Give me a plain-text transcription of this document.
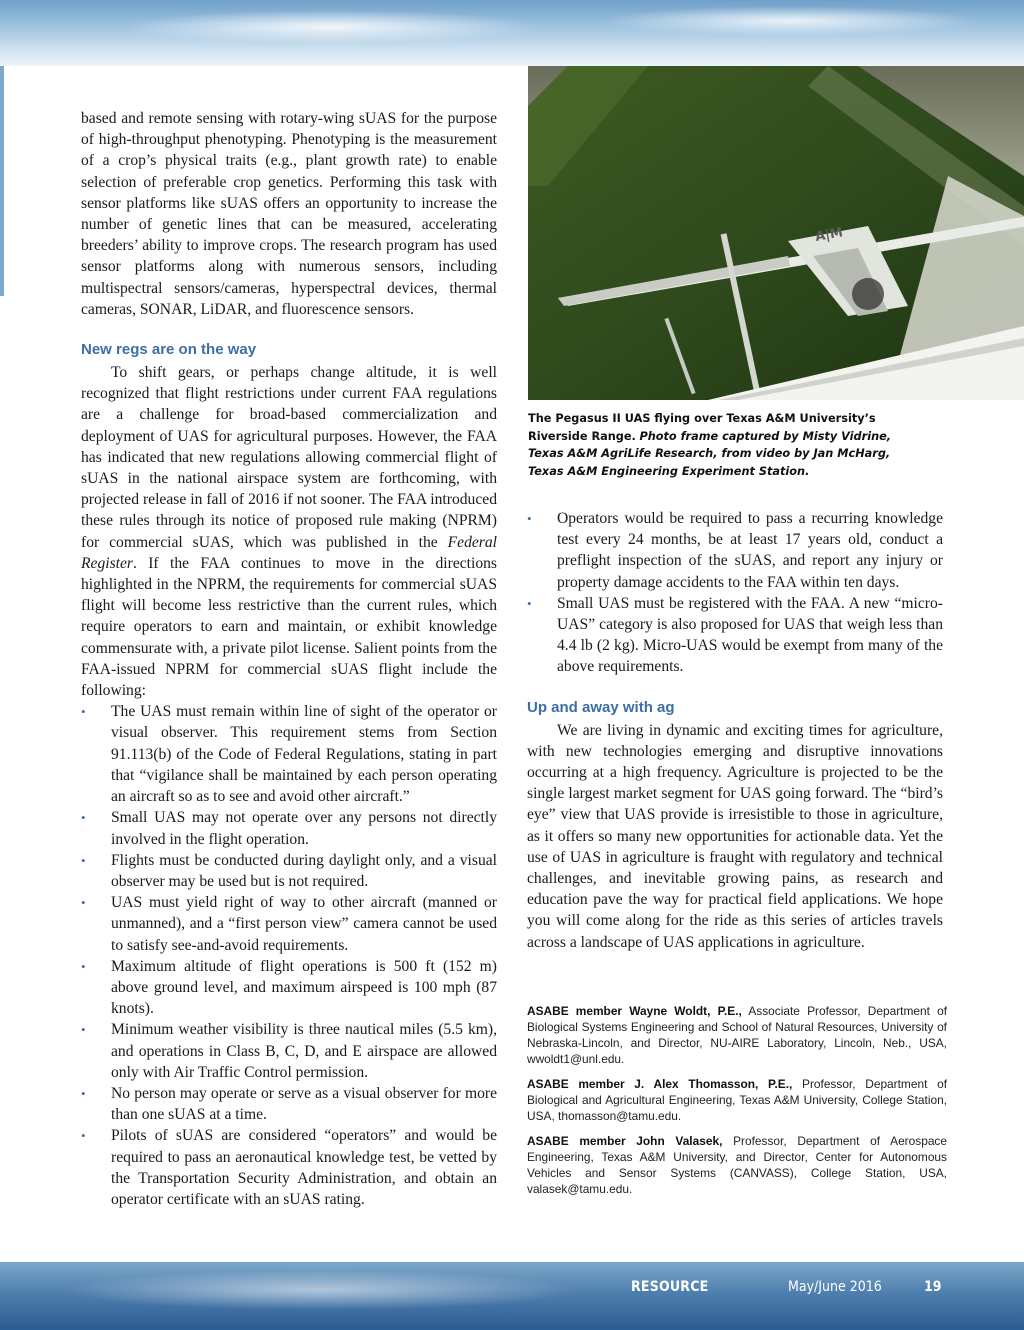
based and remote sensing with rotary-wing sUAS for the purpose of high-throughput phenotyping. Phenotyping is the measurement of a crop’s physical traits (e.g., plant growth rate) to enable selection of preferable crop genetics. Performing this task with sensor platforms like sUAS offers an opportunity to increase the number of genetic lines that can be measured, accelerating breeders’ ability to improve crops. The research program has used sensor platforms along with numerous sensors, including multispectral sensors/cameras, hyperspectral devices, thermal cameras, SONAR, LiDAR, and fluorescence sensors.

New regs are on the way

To shift gears, or perhaps change altitude, it is well recognized that flight restrictions under current FAA regulations are a challenge for broad-based commercialization and deployment of UAS for agricultural purposes. However, the FAA has indicated that new regulations allowing commercial flight of sUAS in the national airspace system are forthcoming, with projected release in fall of 2016 if not sooner. The FAA introduced these rules through its notice of proposed rule making (NPRM) for commercial sUAS, which was published in the Federal Register. If the FAA continues to move in the directions highlighted in the NPRM, the requirements for commercial sUAS flight will become less restrictive than the current rules, which require operators to earn and maintain, or exhibit knowledge commensurate with, a private pilot license. Salient points from the FAA-issued NPRM for commercial sUAS flight include the following:

• The UAS must remain within line of sight of the operator or visual observer. This requirement stems from Section 91.113(b) of the Code of Federal Regulations, stating in part that “vigilance shall be maintained by each person operating an aircraft so as to see and avoid other aircraft.”
• Small UAS may not operate over any persons not directly involved in the flight operation.
• Flights must be conducted during daylight only, and a visual observer may be used but is not required.
• UAS must yield right of way to other aircraft (manned or unmanned), and a “first person view” camera cannot be used to satisfy see-and-avoid requirements.
• Maximum altitude of flight operations is 500 ft (152 m) above ground level, and maximum airspeed is 100 mph (87 knots).
• Minimum weather visibility is three nautical miles (5.5 km), and operations in Class B, C, D, and E airspace are allowed only with Air Traffic Control permission.
• No person may operate or serve as a visual observer for more than one sUAS at a time.
• Pilots of sUAS are considered “operators” and would be required to pass an aeronautical knowledge test, be vetted by the Transportation Security Administration, and obtain an operator certificate with an sUAS rating.
A|M
The Pegasus II UAS flying over Texas A&M University’s Riverside Range. Photo frame captured by Misty Vidrine, Texas A&M AgriLife Research, from video by Jan McHarg, Texas A&M Engineering Experiment Station.
• Operators would be required to pass a recurring knowledge test every 24 months, be at least 17 years old, conduct a preflight inspection of the sUAS, and report any injury or property damage accidents to the FAA within ten days.
• Small UAS must be registered with the FAA. A new “micro-UAS” category is also proposed for UAS that weigh less than 4.4 lb (2 kg). Micro-UAS would be exempt from many of the above requirements.
Up and away with ag

We are living in dynamic and exciting times for agriculture, with new technologies emerging and disruptive innovations occurring at a high frequency. Agriculture is projected to be the single largest market segment for UAS going forward. The “bird’s eye” view that UAS provide is irresistible to those in agriculture, as it offers so many new opportunities for actionable data. Yet the use of UAS in agriculture is fraught with regulatory and technical challenges, and inevitable growing pains, as research and education pave the way for practical field applications. We hope you will come along for the ride as this series of articles travels across a landscape of UAS applications in agriculture.

ASABE member Wayne Woldt, P.E., Associate Professor, Department of Biological Systems Engineering and School of Natural Resources, University of Nebraska-Lincoln, and Director, NU-AIRE Laboratory, Lincoln, Neb., USA, wwoldt1@unl.edu.

ASABE member J. Alex Thomasson, P.E., Professor, Department of Biological and Agricultural Engineering, Texas A&M University, College Station, USA, thomasson@tamu.edu.

ASABE member John Valasek, Professor, Department of Aerospace Engineering, Texas A&M University, and Director, Center for Autonomous Vehicles and Sensor Systems (CANVASS), College Station, USA, valasek@tamu.edu.

RESOURCE	May/June 2016	19
